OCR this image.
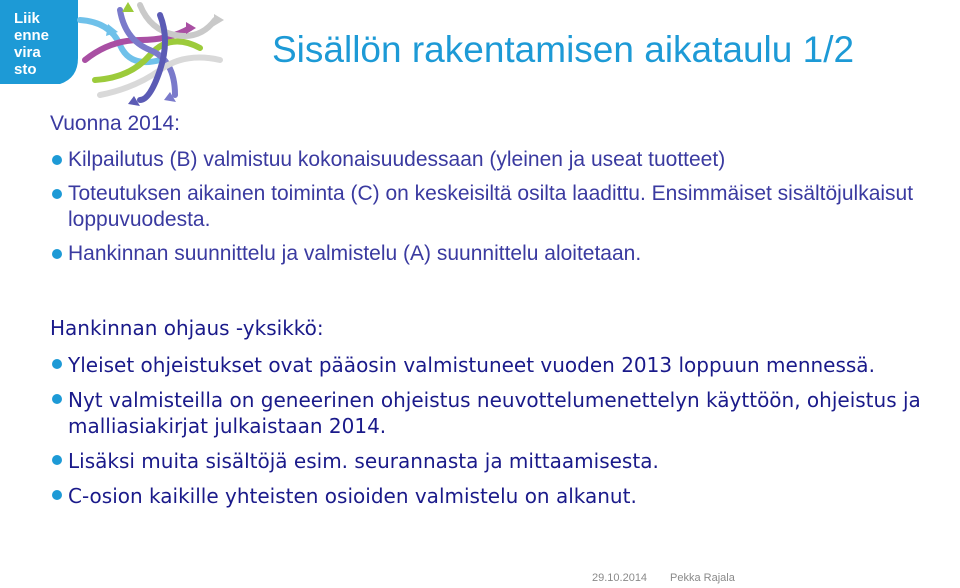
Liik
enne
vira
sto	Sisällön rakentamisen aikataulu 1/2
Vuonna 2014:
Kilpailutus (B) valmistuu kokonaisuudessaan (yleinen ja useat tuotteet)
Toteutuksen aikainen toiminta (C) on keskeisiltä osilta laadittu. Ensimmäiset sisältöjulkaisut loppuvuodesta.
Hankinnan suunnittelu ja valmistelu (A) suunnittelu aloitetaan.
Hankinnan ohjaus -yksikkö:
Yleiset ohjeistukset ovat pääosin valmistuneet vuoden 2013 loppuun mennessä.
Nyt valmisteilla on geneerinen ohjeistus neuvottelumenettelyn käyttöön, ohjeistus ja malliasiakirjat julkaistaan 2014.
Lisäksi muita sisältöjä esim. seurannasta ja mittaamisesta.
C-osion kaikille yhteisten osioiden valmistelu on alkanut.
29.10.2014 Pekka Rajala
